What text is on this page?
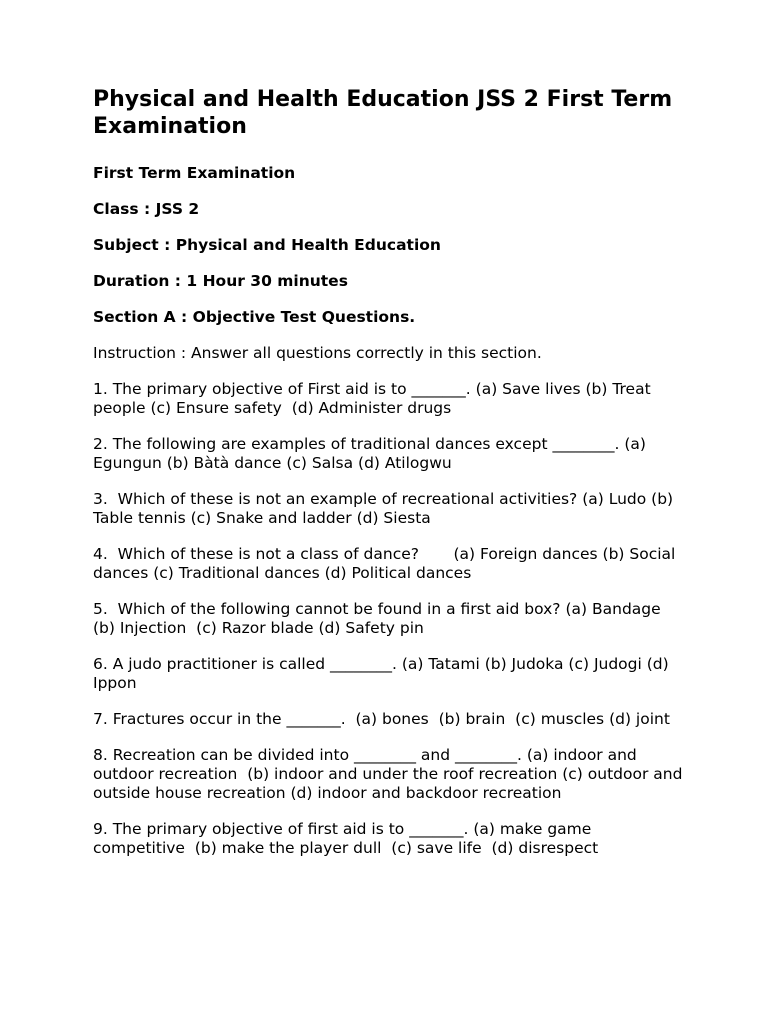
Physical and Health Education JSS 2 First Term Examination

First Term Examination

Class : JSS 2

Subject : Physical and Health Education

Duration : 1 Hour 30 minutes

Section A : Objective Test Questions.

Instruction : Answer all questions correctly in this section.

1. The primary objective of First aid is to _______. (a) Save lives (b) Treat people (c) Ensure safety  (d) Administer drugs

2. The following are examples of traditional dances except ________. (a) Egungun (b) Bàtà dance (c) Salsa (d) Atilogwu

3.  Which of these is not an example of recreational activities? (a) Ludo (b) Table tennis (c) Snake and ladder (d) Siesta

4.  Which of these is not a class of dance?       (a) Foreign dances (b) Social dances (c) Traditional dances (d) Political dances

5.  Which of the following cannot be found in a first aid box? (a) Bandage (b) Injection  (c) Razor blade (d) Safety pin

6. A judo practitioner is called ________. (a) Tatami (b) Judoka (c) Judogi (d) Ippon

7. Fractures occur in the _______.  (a) bones  (b) brain  (c) muscles (d) joint

8. Recreation can be divided into ________ and ________. (a) indoor and outdoor recreation  (b) indoor and under the roof recreation (c) outdoor and outside house recreation (d) indoor and backdoor recreation

9. The primary objective of first aid is to _______. (a) make game competitive  (b) make the player dull  (c) save life  (d) disrespect
